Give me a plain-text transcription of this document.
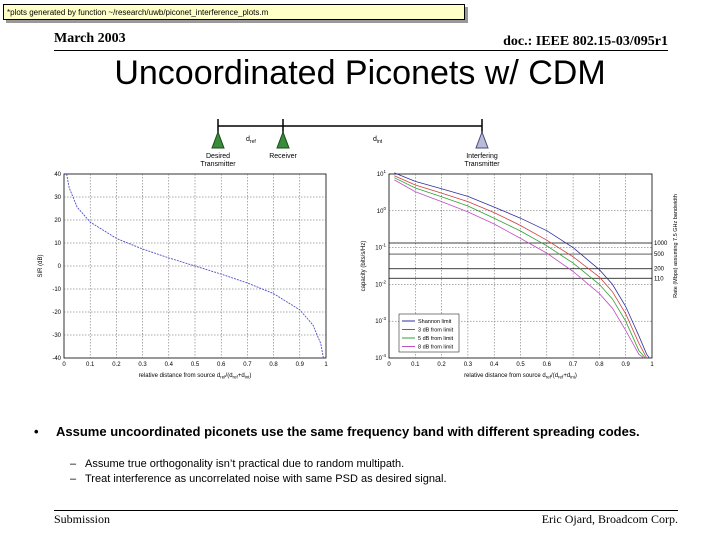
*plots generated by function ~/research/uwb/piconet_interference_plots.m
March 2003	doc.: IEEE 802.15-03/095r1
Uncoordinated Piconets w/ CDM
$d_{ref}$	$d_{int}$
Desired
Transmitter
Receiver	Interfering
Transmitter
0	0.1	0.2	0.3	0.4	0.5	0.6	0.7	0.8	0.9	1
40
30
20
10
0
-10
-20
-30
-40
relative distance from source $d_{ref}/(d_{ref}+d_{int})$
SIR (dB)
0	0.1	0.2	0.3	0.4	0.5	0.6	0.7	0.8	0.9	1
$10^1$
$10^0$
$10^{-1}$
$10^{-2}$
$10^{-3}$
$10^{-4}$
1000
500
200
110
Shannon limit
3 dB from limit
5 dB from limit
8 dB from limit
relative distance from source $d_{ref}/(d_{ref}+d_{int})$
capacity (bits/s/Hz)	Rate (Mbps) assuming 7.5 GHz bandwidth
• Assume uncoordinated piconets use the same frequency band with different spreading codes.
– Assume true orthogonality isn’t practical due to random multipath.
– Treat interference as uncorrelated noise with same PSD as desired signal.
Submission	Eric Ojard, Broadcom Corp.
